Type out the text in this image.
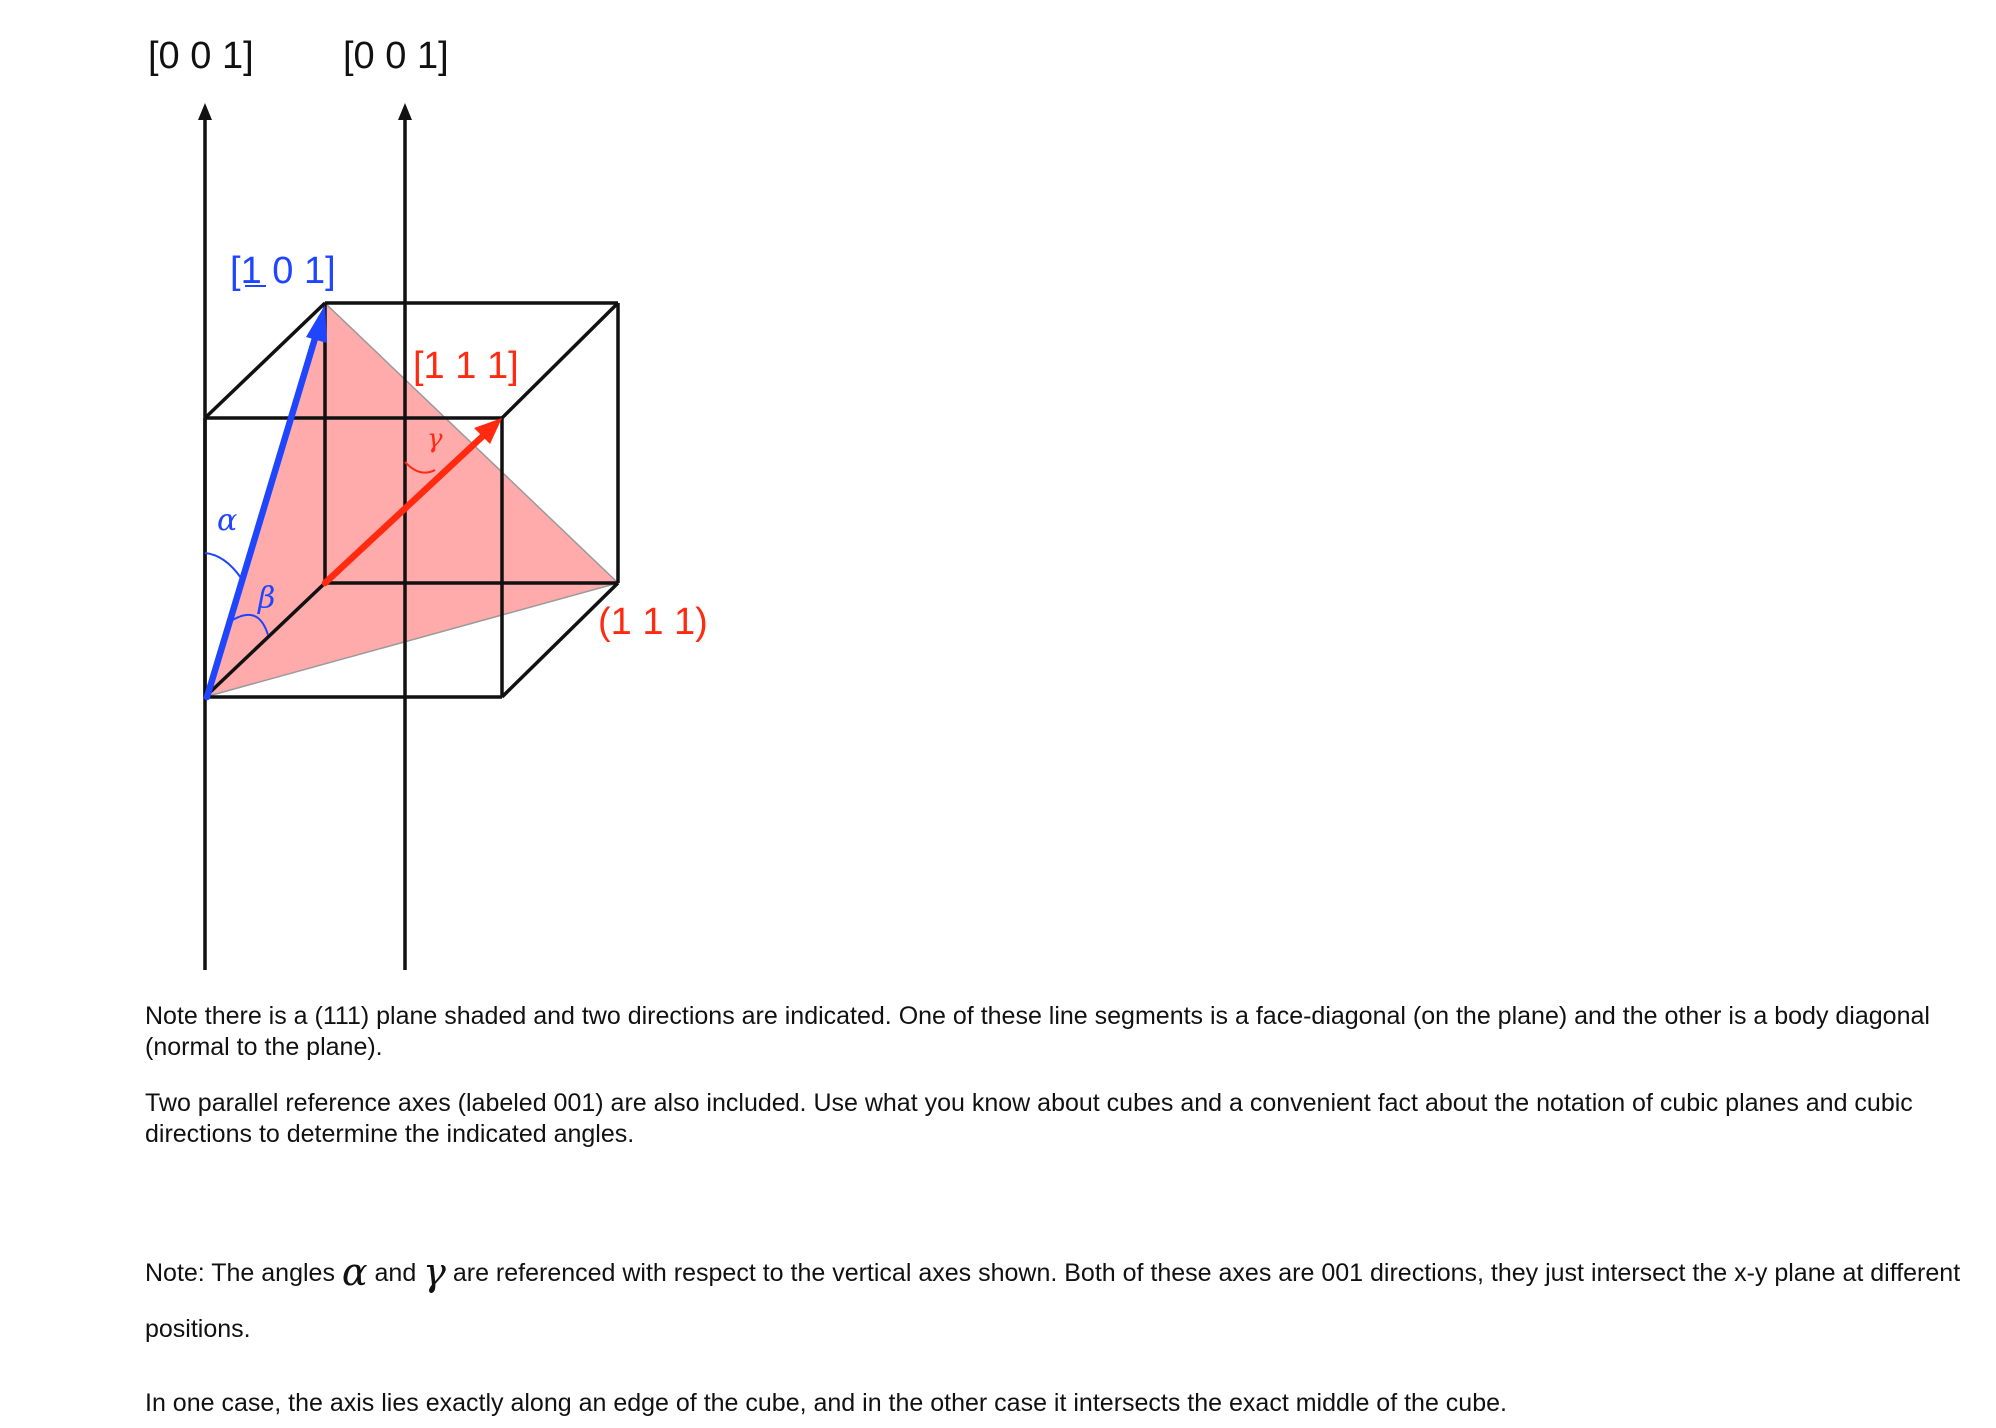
[0 0 1] [0 0 1]
[1 0 1]
[1 1 1]
(1 1 1)
α
β
γ

Note there is a (111) plane shaded and two directions are indicated. One of these line segments is a face-diagonal (on the plane) and the other is a body diagonal (normal to the plane).

Two parallel reference axes (labeled 001) are also included. Use what you know about cubes and a convenient fact about the notation of cubic planes and cubic directions to determine the indicated angles.

Note: The angles α and γ are referenced with respect to the vertical axes shown. Both of these axes are 001 directions, they just intersect the x-y plane at different positions.

In one case, the axis lies exactly along an edge of the cube, and in the other case it intersects the exact middle of the cube.
